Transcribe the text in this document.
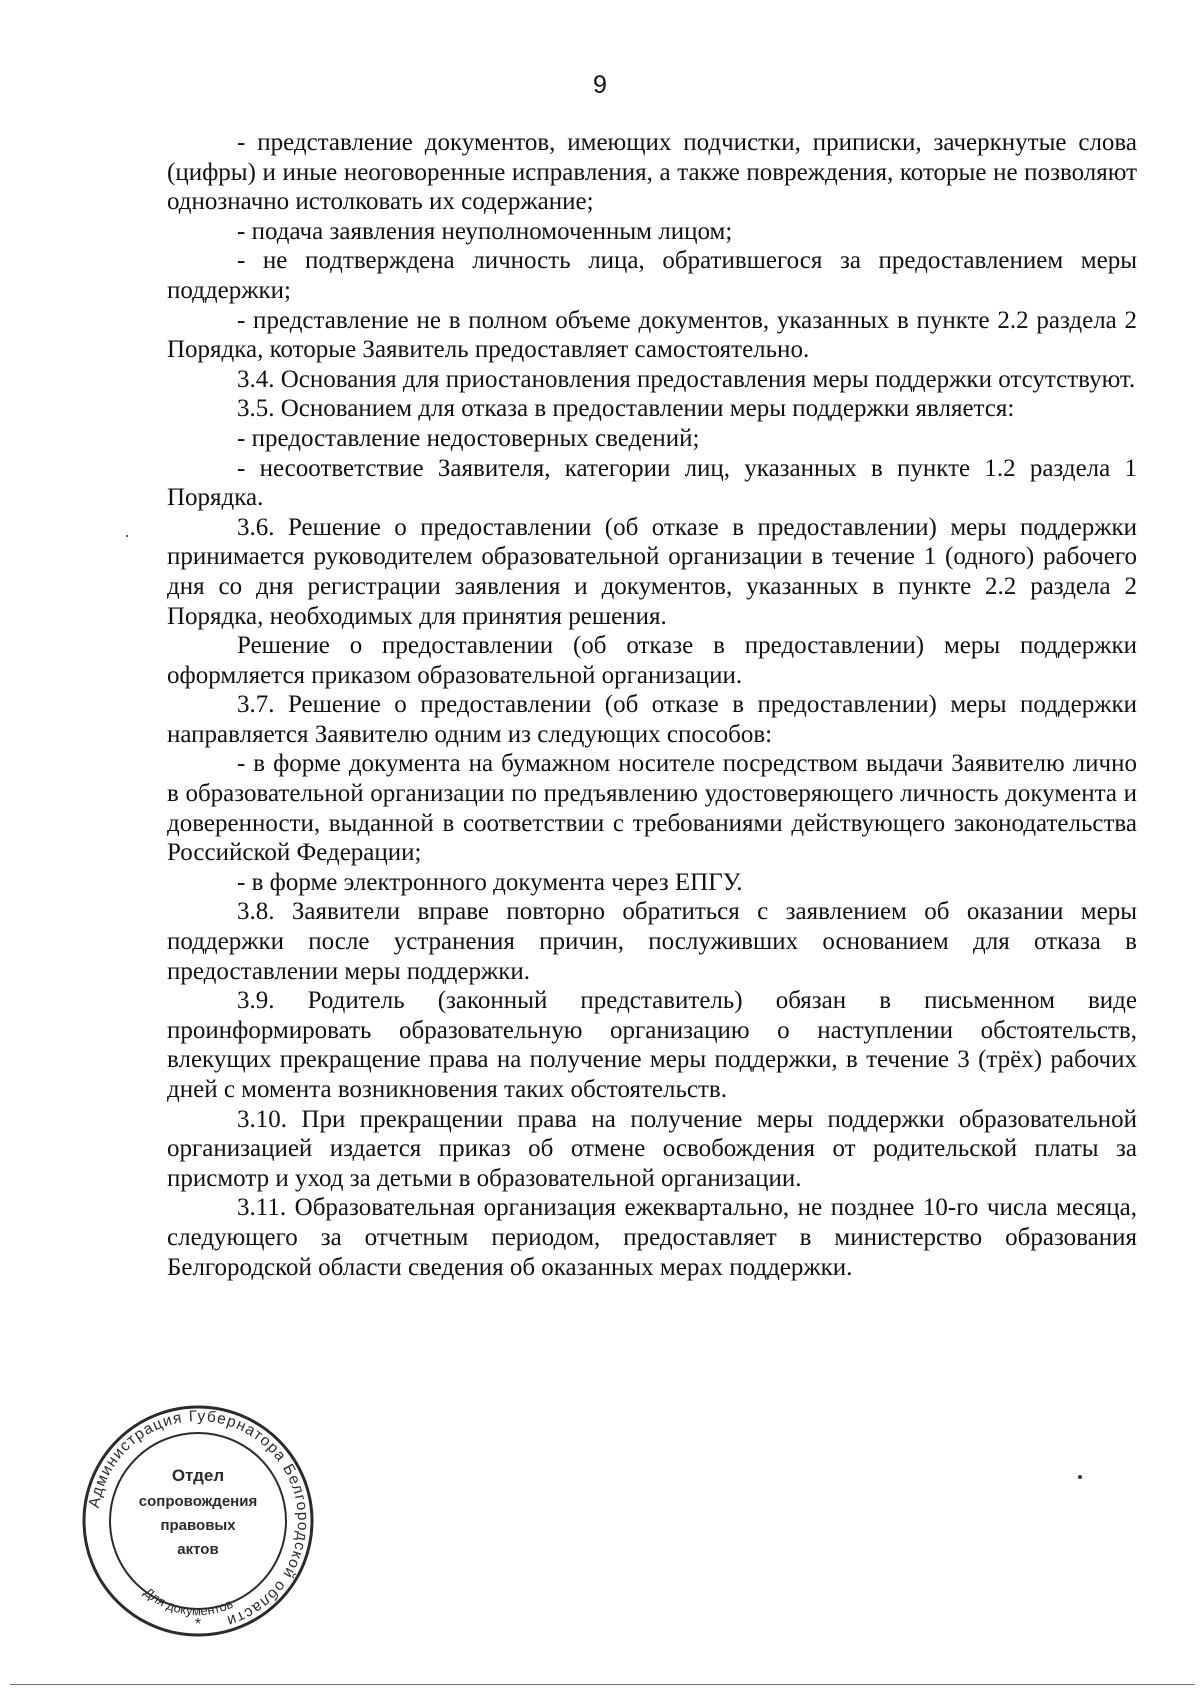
9

- представление документов, имеющих подчистки, приписки, зачеркнутые слова (цифры) и иные неоговоренные исправления, а также повреждения, которые не позволяют однозначно истолковать их содержание;

- подача заявления неуполномоченным лицом;

- не подтверждена личность лица, обратившегося за предоставлением меры поддержки;

- представление не в полном объеме документов, указанных в пункте 2.2 раздела 2 Порядка, которые Заявитель предоставляет самостоятельно.

3.4. Основания для приостановления предоставления меры поддержки отсутствуют.

3.5. Основанием для отказа в предоставлении меры поддержки является:

- предоставление недостоверных сведений;

- несоответствие Заявителя, категории лиц, указанных в пункте 1.2 раздела 1 Порядка.

3.6. Решение о предоставлении (об отказе в предоставлении) меры поддержки принимается руководителем образовательной организации в течение 1 (одного) рабочего дня со дня регистрации заявления и документов, указанных в пункте 2.2 раздела 2 Порядка, необходимых для принятия решения.

Решение о предоставлении (об отказе в предоставлении) меры поддержки оформляется приказом образовательной организации.

3.7. Решение о предоставлении (об отказе в предоставлении) меры поддержки направляется Заявителю одним из следующих способов:

- в форме документа на бумажном носителе посредством выдачи Заявителю лично в образовательной организации по предъявлению удостоверяющего личность документа и доверенности, выданной в соответствии с требованиями действующего законодательства Российской Федерации;

- в форме электронного документа через ЕПГУ.

3.8. Заявители вправе повторно обратиться с заявлением об оказании меры поддержки после устранения причин, послуживших основанием для отказа в предоставлении меры поддержки.

3.9. Родитель (законный представитель) обязан в письменном виде проинформировать образовательную организацию о наступлении обстоятельств, влекущих прекращение права на получение меры поддержки, в течение 3 (трёх) рабочих дней с момента возникновения таких обстоятельств.

3.10. При прекращении права на получение меры поддержки образовательной организацией издается приказ об отмене освобождения от родительской платы за присмотр и уход за детьми в образовательной организации.

3.11. Образовательная организация ежеквартально, не позднее 10-го числа месяца, следующего за отчетным периодом, предоставляет в министерство образования Белгородской области сведения об оказанных мерах поддержки.

Администрация Губернатора Белгородской области
Отдел
сопровождения
правовых
актов
Для документов
*
